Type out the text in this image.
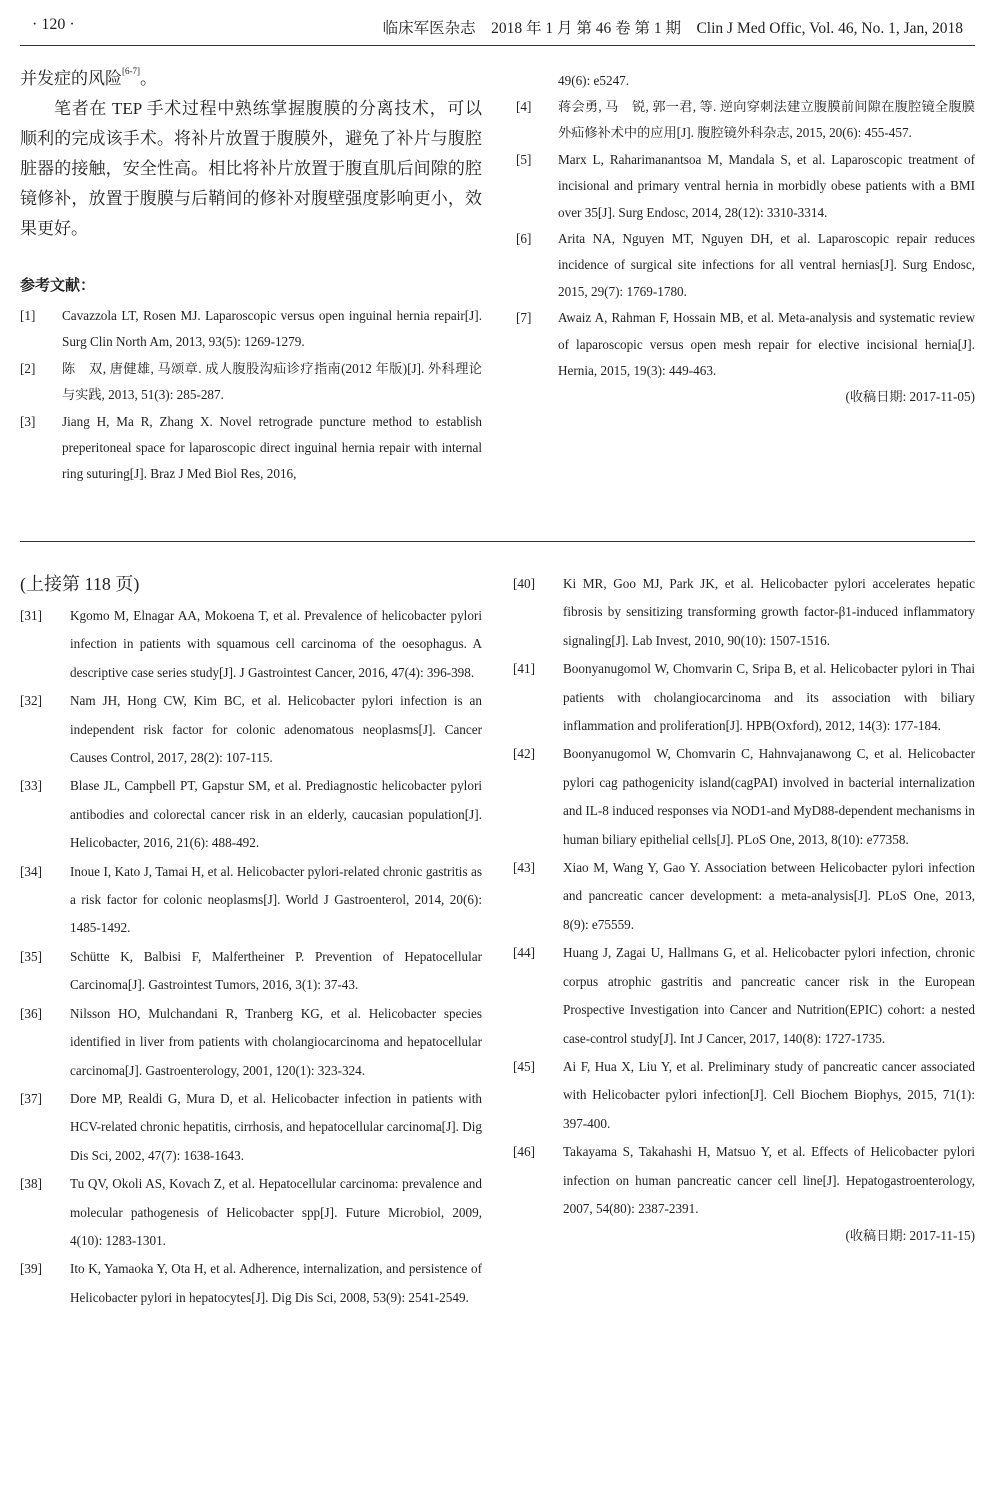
· 120 ·	临床军医杂志　2018 年 1 月 第 46 卷 第 1 期　Clin J Med Offic, Vol. 46, No. 1, Jan, 2018

并发症的风险[6-7]。

笔者在 TEP 手术过程中熟练掌握腹膜的分离技术，可以顺利的完成该手术。将补片放置于腹膜外，避免了补片与腹腔脏器的接触，安全性高。相比将补片放置于腹直肌后间隙的腔镜修补，放置于腹膜与后鞘间的修补对腹壁强度影响更小，效果更好。

参考文献：
[1] Cavazzola LT, Rosen MJ. Laparoscopic versus open inguinal hernia repair[J]. Surg Clin North Am, 2013, 93(5): 1269-1279.
[2] 陈　双, 唐健雄, 马颂章. 成人腹股沟疝诊疗指南(2012 年版)[J]. 外科理论与实践, 2013, 51(3): 285-287.
[3] Jiang H, Ma R, Zhang X. Novel retrograde puncture method to establish preperitoneal space for laparoscopic direct inguinal hernia repair with internal ring suturing[J]. Braz J Med Biol Res, 2016,
49(6): e5247.
[4] 蒋会勇, 马　锐, 郭一君, 等. 逆向穿刺法建立腹膜前间隙在腹腔镜全腹膜外疝修补术中的应用[J]. 腹腔镜外科杂志, 2015, 20(6): 455-457.
[5] Marx L, Raharimanantsoa M, Mandala S, et al. Laparoscopic treatment of incisional and primary ventral hernia in morbidly obese patients with a BMI over 35[J]. Surg Endosc, 2014, 28(12): 3310-3314.
[6] Arita NA, Nguyen MT, Nguyen DH, et al. Laparoscopic repair reduces incidence of surgical site infections for all ventral hernias[J]. Surg Endosc, 2015, 29(7): 1769-1780.
[7] Awaiz A, Rahman F, Hossain MB, et al. Meta-analysis and systematic review of laparoscopic versus open mesh repair for elective incisional hernia[J]. Hernia, 2015, 19(3): 449-463.
(收稿日期: 2017-11-05)
(上接第 118 页)
[31] Kgomo M, Elnagar AA, Mokoena T, et al. Prevalence of helicobacter pylori infection in patients with squamous cell carcinoma of the oesophagus. A descriptive case series study[J]. J Gastrointest Cancer, 2016, 47(4): 396-398.
[32] Nam JH, Hong CW, Kim BC, et al. Helicobacter pylori infection is an independent risk factor for colonic adenomatous neoplasms[J]. Cancer Causes Control, 2017, 28(2): 107-115.
[33] Blase JL, Campbell PT, Gapstur SM, et al. Prediagnostic helicobacter pylori antibodies and colorectal cancer risk in an elderly, caucasian population[J]. Helicobacter, 2016, 21(6): 488-492.
[34] Inoue I, Kato J, Tamai H, et al. Helicobacter pylori-related chronic gastritis as a risk factor for colonic neoplasms[J]. World J Gastroenterol, 2014, 20(6): 1485-1492.
[35] Schütte K, Balbisi F, Malfertheiner P. Prevention of Hepatocellular Carcinoma[J]. Gastrointest Tumors, 2016, 3(1): 37-43.
[36] Nilsson HO, Mulchandani R, Tranberg KG, et al. Helicobacter species identified in liver from patients with cholangiocarcinoma and hepatocellular carcinoma[J]. Gastroenterology, 2001, 120(1): 323-324.
[37] Dore MP, Realdi G, Mura D, et al. Helicobacter infection in patients with HCV-related chronic hepatitis, cirrhosis, and hepatocellular carcinoma[J]. Dig Dis Sci, 2002, 47(7): 1638-1643.
[38] Tu QV, Okoli AS, Kovach Z, et al. Hepatocellular carcinoma: prevalence and molecular pathogenesis of Helicobacter spp[J]. Future Microbiol, 2009, 4(10): 1283-1301.
[39] Ito K, Yamaoka Y, Ota H, et al. Adherence, internalization, and persistence of Helicobacter pylori in hepatocytes[J]. Dig Dis Sci, 2008, 53(9): 2541-2549.
[40] Ki MR, Goo MJ, Park JK, et al. Helicobacter pylori accelerates hepatic fibrosis by sensitizing transforming growth factor-β1-induced inflammatory signaling[J]. Lab Invest, 2010, 90(10): 1507-1516.
[41] Boonyanugomol W, Chomvarin C, Sripa B, et al. Helicobacter pylori in Thai patients with cholangiocarcinoma and its association with biliary inflammation and proliferation[J]. HPB(Oxford), 2012, 14(3): 177-184.
[42] Boonyanugomol W, Chomvarin C, Hahnvajanawong C, et al. Helicobacter pylori cag pathogenicity island(cagPAI) involved in bacterial internalization and IL-8 induced responses via NOD1-and MyD88-dependent mechanisms in human biliary epithelial cells[J]. PLoS One, 2013, 8(10): e77358.
[43] Xiao M, Wang Y, Gao Y. Association between Helicobacter pylori infection and pancreatic cancer development: a meta-analysis[J]. PLoS One, 2013, 8(9): e75559.
[44] Huang J, Zagai U, Hallmans G, et al. Helicobacter pylori infection, chronic corpus atrophic gastritis and pancreatic cancer risk in the European Prospective Investigation into Cancer and Nutrition(EPIC) cohort: a nested case-control study[J]. Int J Cancer, 2017, 140(8): 1727-1735.
[45] Ai F, Hua X, Liu Y, et al. Preliminary study of pancreatic cancer associated with Helicobacter pylori infection[J]. Cell Biochem Biophys, 2015, 71(1): 397-400.
[46] Takayama S, Takahashi H, Matsuo Y, et al. Effects of Helicobacter pylori infection on human pancreatic cancer cell line[J]. Hepatogastroenterology, 2007, 54(80): 2387-2391.
(收稿日期: 2017-11-15)
